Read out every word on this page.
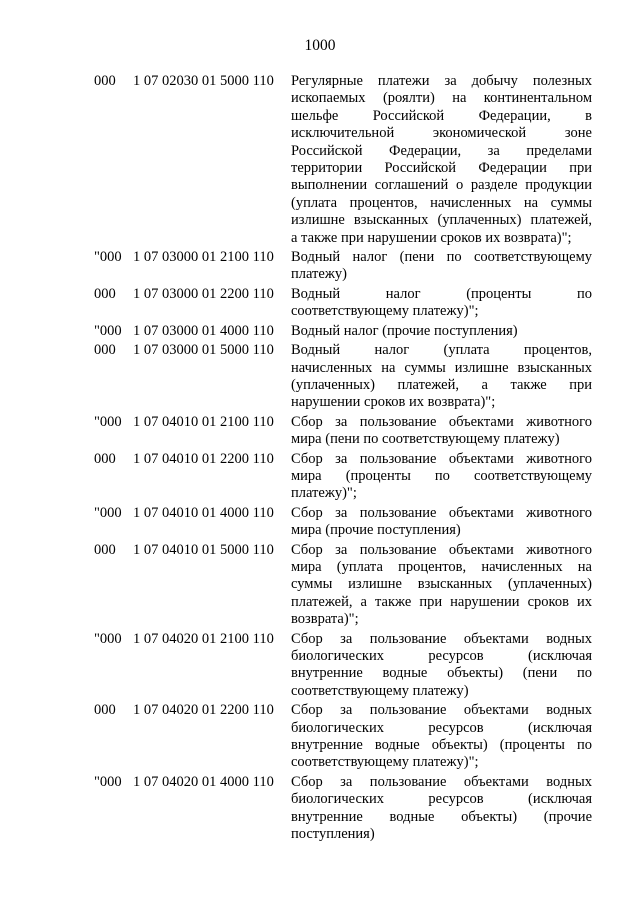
1000
000	1 07 02030 01 5000 110	Регулярные платежи за добычу полезных
ископаемых (роялти) на континентальном
шельфе Российской Федерации, в
исключительной экономической зоне
Российской Федерации, за пределами
территории Российской Федерации при
выполнении соглашений о разделе продукции
(уплата процентов, начисленных на суммы
излишне взысканных (уплаченных) платежей,
а также при нарушении сроков их возврата)";
"000 1 07 03000 01 2100 110	Водный налог (пени по соответствующему
платежу)
000	1 07 03000 01 2200 110	Водный налог (проценты по
соответствующему платежу)";
"000 1 07 03000 01 4000 110	Водный налог (прочие поступления)
000	1 07 03000 01 5000 110	Водный налог (уплата процентов,
начисленных на суммы излишне взысканных
(уплаченных) платежей, а также при
нарушении сроков их возврата)";
"000 1 07 04010 01 2100 110	Сбор за пользование объектами животного
мира (пени по соответствующему платежу)
000	1 07 04010 01 2200 110	Сбор за пользование объектами животного
мира (проценты по соответствующему
платежу)";
"000 1 07 04010 01 4000 110	Сбор за пользование объектами животного
мира (прочие поступления)
000	1 07 04010 01 5000 110	Сбор за пользование объектами животного
мира (уплата процентов, начисленных на
суммы излишне взысканных (уплаченных)
платежей, а также при нарушении сроков их
возврата)";
"000 1 07 04020 01 2100 110	Сбор за пользование объектами водных
биологических ресурсов (исключая
внутренние водные объекты) (пени по
соответствующему платежу)
000	1 07 04020 01 2200 110	Сбор за пользование объектами водных
биологических ресурсов (исключая
внутренние водные объекты) (проценты по
соответствующему платежу)";
"000 1 07 04020 01 4000 110	Сбор за пользование объектами водных
биологических ресурсов (исключая
внутренние водные объекты) (прочие
поступления)
